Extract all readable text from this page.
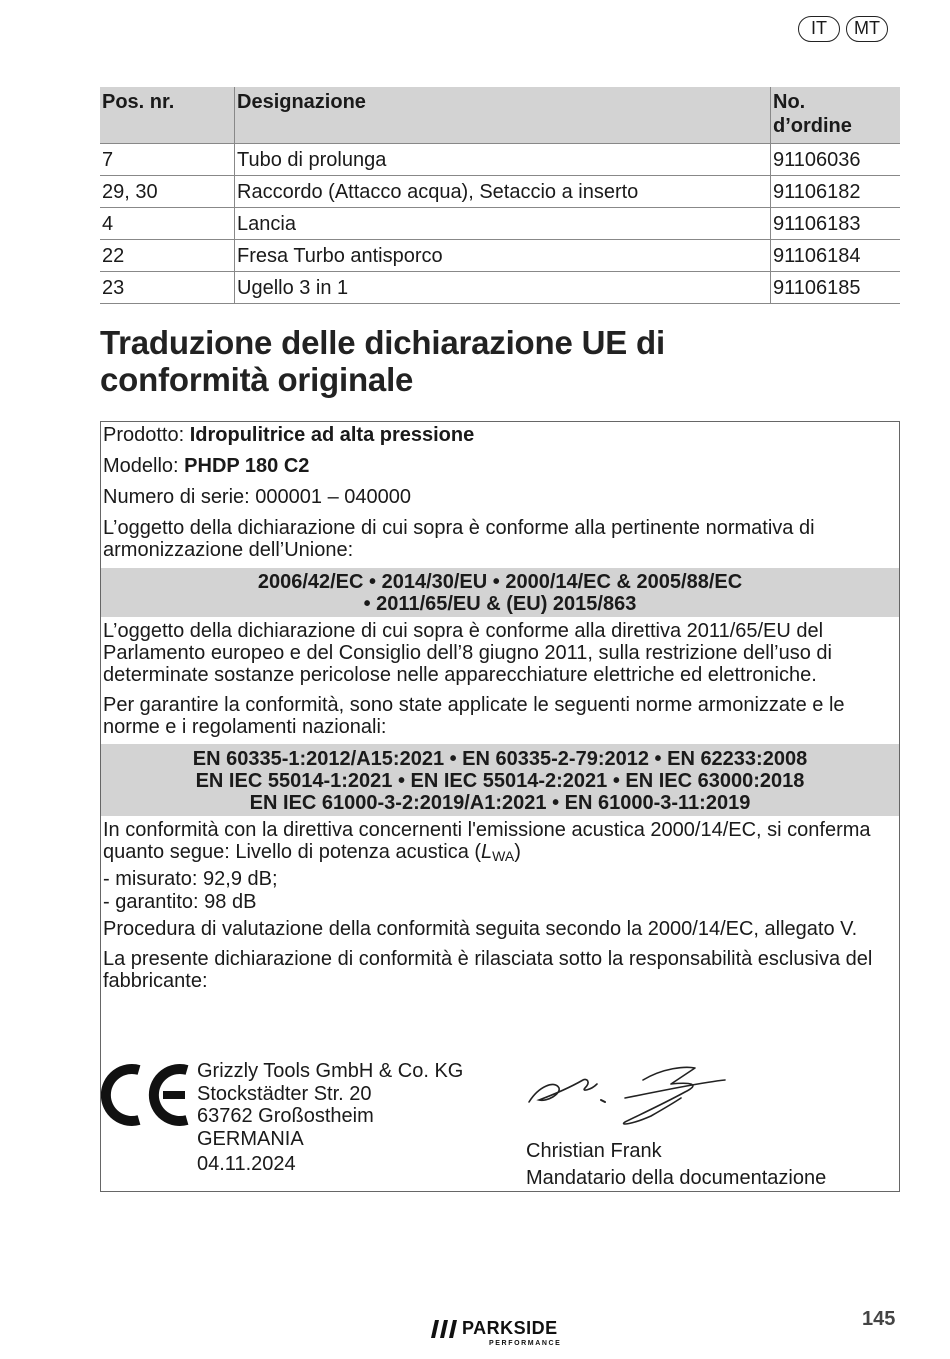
IT	MT
Pos. nr.	Designazione	No.
d’ordine
7	Tubo di prolunga	91106036
29, 30	Raccordo (Attacco acqua), Setaccio a inserto	91106182
4	Lancia	91106183
22	Fresa Turbo antisporco	91106184
23	Ugello 3 in 1	91106185
Traduzione delle dichiarazione UE di
conformità originale
Prodotto: Idropulitrice ad alta pressione
Modello: PHDP 180 C2
Numero di serie: 000001 – 040000
L’oggetto della dichiarazione di cui sopra è conforme alla pertinente normativa di armonizzazione dell’Unione:
2006/42/EC • 2014/30/EU • 2000/14/EC & 2005/88/EC
• 2011/65/EU & (EU) 2015/863
L’oggetto della dichiarazione di cui sopra è conforme alla direttiva 2011/65/EU del Parlamento europeo e del Consiglio dell’8 giugno 2011, sulla restrizione dell’uso di determinate sostanze pericolose nelle apparecchiature elettriche ed elettroniche.
Per garantire la conformità, sono state applicate le seguenti norme armonizzate e le norme e i regolamenti nazionali:
EN 60335-1:2012/A15:2021 • EN 60335-2-79:2012 • EN 62233:2008
EN IEC 55014-1:2021 • EN IEC 55014-2:2021 • EN IEC 63000:2018
EN IEC 61000-3-2:2019/A1:2021 • EN 61000-3-11:2019
In conformità con la direttiva concernenti l'emissione acustica 2000/14/EC, si conferma quanto segue: Livello di potenza acustica $(L_{WA})$
- misurato: 92,9 dB;
- garantito: 98 dB
Procedura di valutazione della conformità seguita secondo la 2000/14/EC, allegato V.
La presente dichiarazione di conformità è rilasciata sotto la responsabilità esclusiva del fabbricante:
Grizzly Tools GmbH & Co. KG
Stockstädter Str. 20
63762 Großostheim
GERMANIA
04.11.2024
Christian Frank
Mandatario della documentazione
PARKSIDE
PERFORMANCE
145
